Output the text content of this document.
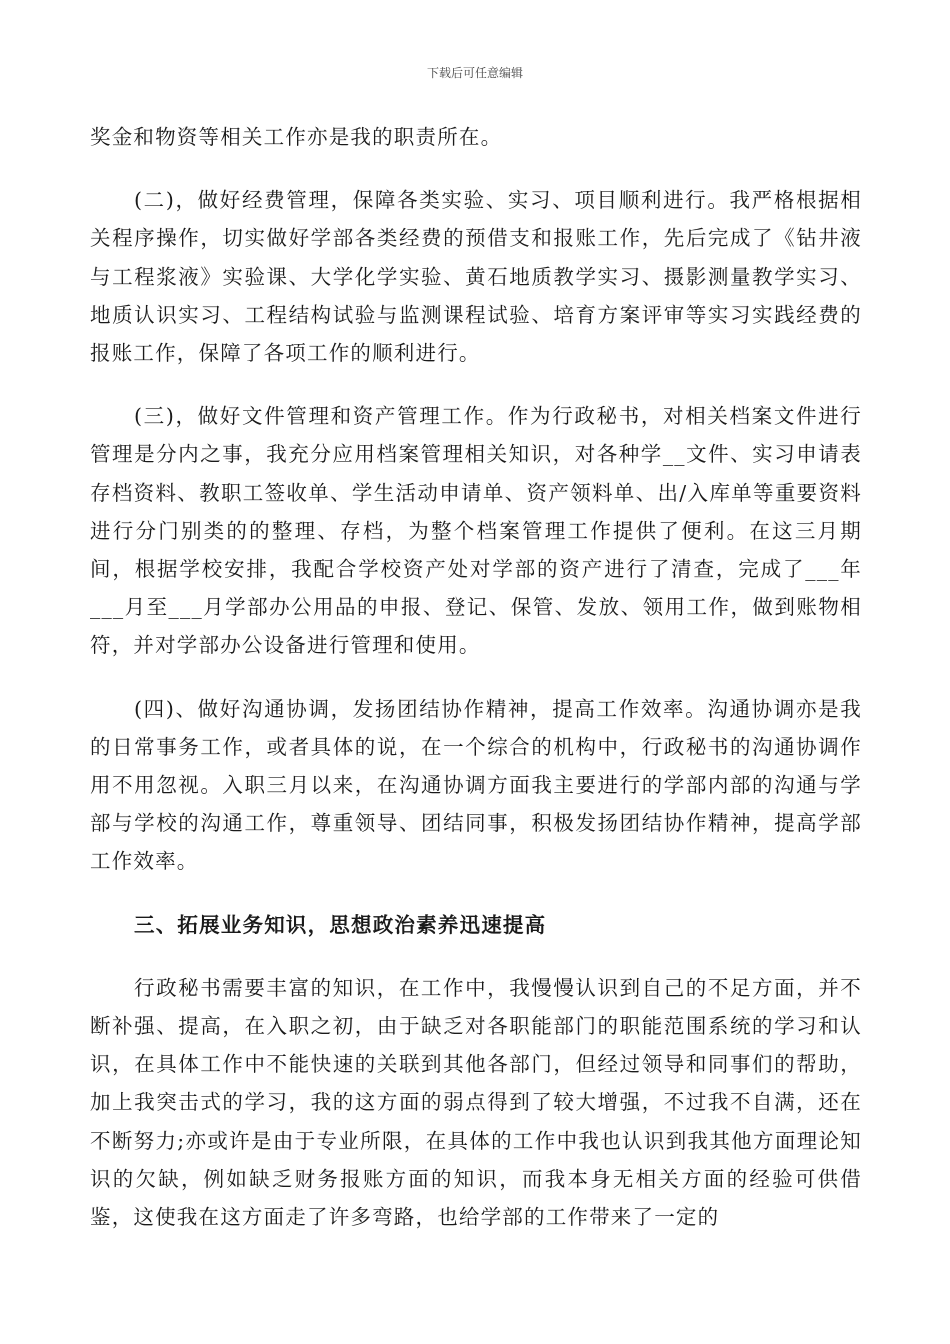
下载后可任意编辑

奖金和物资等相关工作亦是我的职责所在。

(二)，做好经费管理，保障各类实验、实习、项目顺利进行。我严格根据相关程序操作，切实做好学部各类经费的预借支和报账工作，先后完成了《钻井液与工程浆液》实验课、大学化学实验、黄石地质教学实习、摄影测量教学实习、地质认识实习、工程结构试验与监测课程试验、培育方案评审等实习实践经费的报账工作，保障了各项工作的顺利进行。

(三)，做好文件管理和资产管理工作。作为行政秘书，对相关档案文件进行管理是分内之事，我充分应用档案管理相关知识，对各种学__文件、实习申请表存档资料、教职工签收单、学生活动申请单、资产领料单、出/入库单等重要资料进行分门别类的的整理、存档，为整个档案管理工作提供了便利。在这三月期间，根据学校安排，我配合学校资产处对学部的资产进行了清查，完成了___年___月至___月学部办公用品的申报、登记、保管、发放、领用工作，做到账物相符，并对学部办公设备进行管理和使用。

(四)、做好沟通协调，发扬团结协作精神，提高工作效率。沟通协调亦是我的日常事务工作，或者具体的说，在一个综合的机构中，行政秘书的沟通协调作用不用忽视。入职三月以来，在沟通协调方面我主要进行的学部内部的沟通与学部与学校的沟通工作，尊重领导、团结同事，积极发扬团结协作精神，提高学部工作效率。

三、拓展业务知识，思想政治素养迅速提高

行政秘书需要丰富的知识，在工作中，我慢慢认识到自己的不足方面，并不断补强、提高，在入职之初，由于缺乏对各职能部门的职能范围系统的学习和认识，在具体工作中不能快速的关联到其他各部门，但经过领导和同事们的帮助，加上我突击式的学习，我的这方面的弱点得到了较大增强，不过我不自满，还在不断努力;亦或许是由于专业所限，在具体的工作中我也认识到我其他方面理论知识的欠缺，例如缺乏财务报账方面的知识，而我本身无相关方面的经验可供借鉴，这使我在这方面走了许多弯路，也给学部的工作带来了一定的
